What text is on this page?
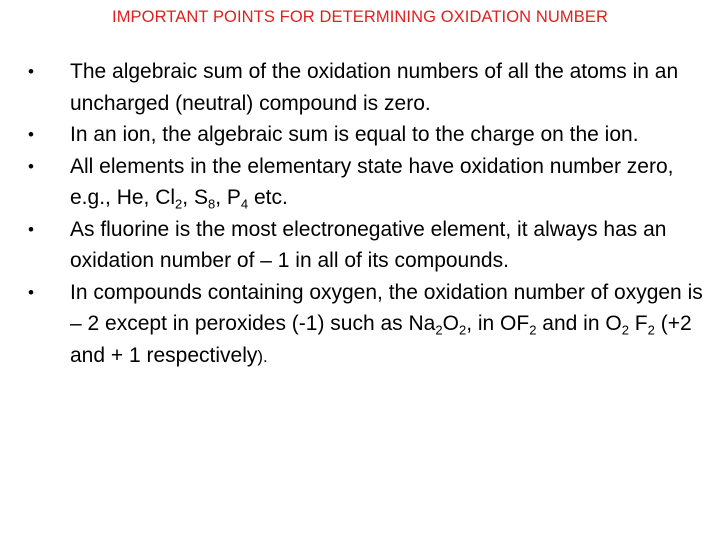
IMPORTANT POINTS FOR DETERMINING OXIDATION NUMBER
• The algebraic sum of the oxidation numbers of all the atoms in an uncharged (neutral) compound is zero.
• In an ion, the algebraic sum is equal to the charge on the ion.
• All elements in the elementary state have oxidation number zero, e.g., He, $Cl_2$, $S_8$, $P_4$ etc.
• As fluorine is the most electronegative element, it always has an oxidation number of – 1 in all of its compounds.
• In compounds containing oxygen, the oxidation number of oxygen is – 2 except in peroxides (-1) such as $Na_2O_2$, in $OF_2$ and in $O_2$ $F_2$ (+2 and + 1 respectively).
